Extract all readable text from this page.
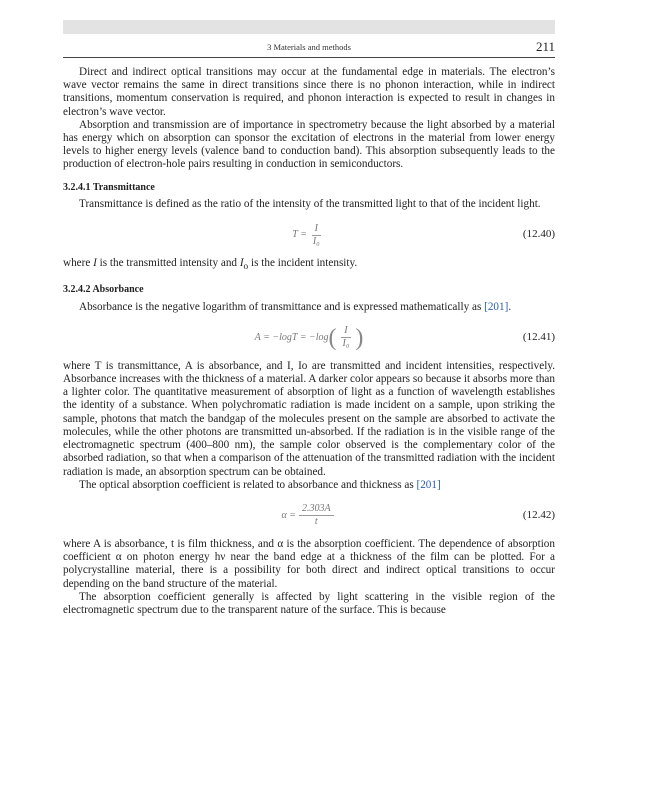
3 Materials and methods	211

Direct and indirect optical transitions may occur at the fundamental edge in materials. The electron’s wave vector remains the same in direct transitions since there is no phonon interaction, while in indirect transitions, momentum conservation is required, and phonon interaction is expected to result in changes in electron’s wave vector.

Absorption and transmission are of importance in spectrometry because the light absorbed by a material has energy which on absorption can sponsor the excitation of electrons in the material from lower energy levels to higher energy levels (valence band to conduction band). This absorption subsequently leads to the production of electron-hole pairs resulting in conduction in semiconductors.

3.2.4.1 Transmittance

Transmittance is defined as the ratio of the intensity of the transmitted light to that of the incident light.

$T = \frac{I}{\text{I₀}}$	(12.40)

where I is the transmitted intensity and $I_o$ is the incident intensity.

3.2.4.2 Absorbance

Absorbance is the negative logarithm of transmittance and is expressed mathematically as [201].

A = −logT = −log ( $\frac{I}{\text{I₀}}$ )	(12.41)

where T is transmittance, A is absorbance, and I, Io are transmitted and incident intensities, respectively. Absorbance increases with the thickness of a material. A darker color appears so because it absorbs more than a lighter color. The quantitative measurement of absorption of light as a function of wavelength establishes the identity of a substance. When polychromatic radiation is made incident on a sample, upon striking the sample, photons that match the bandgap of the molecules present on the sample are absorbed to activate the molecules, while the other photons are transmitted un-absorbed. If the radiation is in the visible range of the electromagnetic spectrum (400–800 nm), the sample color observed is the complementary color of the absorbed radiation, so that when a comparison of the attenuation of the transmitted radiation with the incident radiation is made, an absorption spectrum can be obtained.

The optical absorption coefficient is related to absorbance and thickness as [201]

$\alpha = \frac{2.303A}{t}$	(12.42)

where A is absorbance, t is film thickness, and α is the absorption coefficient. The dependence of absorption coefficient α on photon energy hν near the band edge at a thickness of the film can be plotted. For a polycrystalline material, there is a possibility for both direct and indirect optical transitions to occur depending on the band structure of the material.

The absorption coefficient generally is affected by light scattering in the visible region of the electromagnetic spectrum due to the transparent nature of the surface. This is because
